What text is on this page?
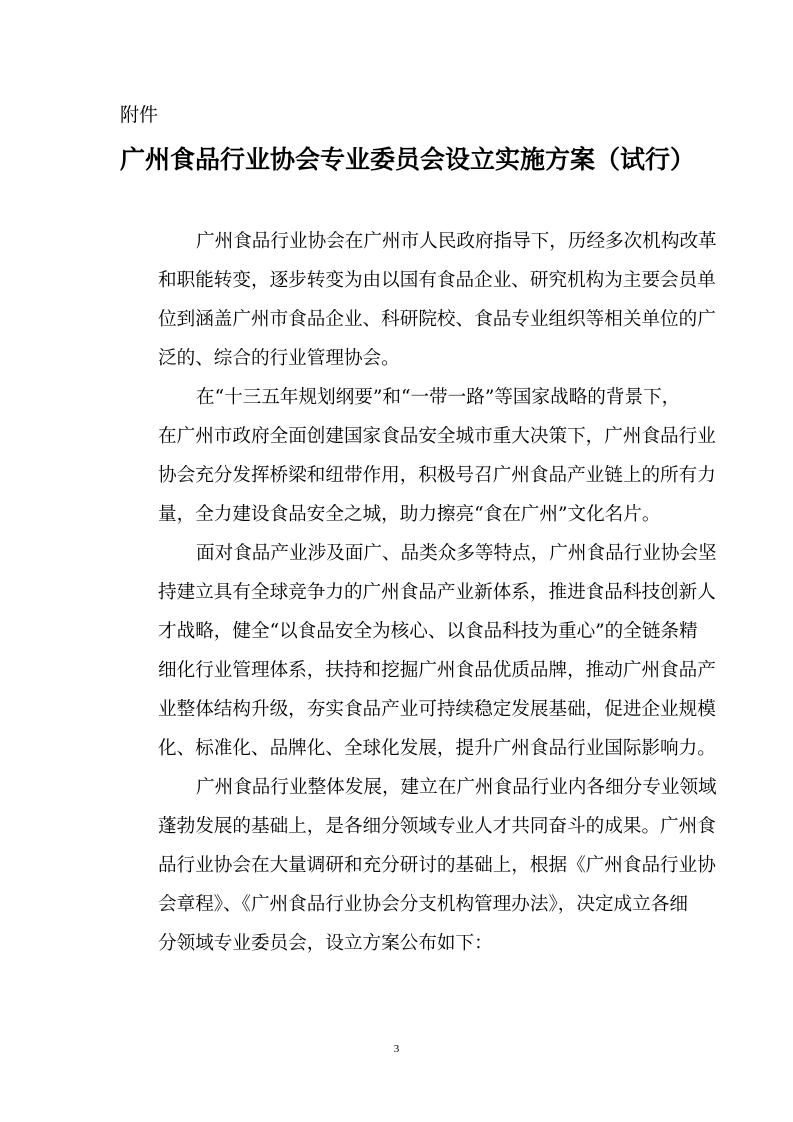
附件
广州食品行业协会专业委员会设立实施方案（试行）
广州食品行业协会在广州市人民政府指导下，历经多次机构改革
和职能转变，逐步转变为由以国有食品企业、研究机构为主要会员单
位到涵盖广州市食品企业、科研院校、食品专业组织等相关单位的广
泛的、综合的行业管理协会。
在“十三五年规划纲要”和“一带一路”等国家战略的背景下，
在广州市政府全面创建国家食品安全城市重大决策下，广州食品行业
协会充分发挥桥梁和纽带作用，积极号召广州食品产业链上的所有力
量，全力建设食品安全之城，助力擦亮“食在广州”文化名片。
面对食品产业涉及面广、品类众多等特点，广州食品行业协会坚
持建立具有全球竞争力的广州食品产业新体系，推进食品科技创新人
才战略，健全“以食品安全为核心、以食品科技为重心”的全链条精
细化行业管理体系，扶持和挖掘广州食品优质品牌，推动广州食品产
业整体结构升级，夯实食品产业可持续稳定发展基础，促进企业规模
化、标准化、品牌化、全球化发展，提升广州食品行业国际影响力。
广州食品行业整体发展，建立在广州食品行业内各细分专业领域
蓬勃发展的基础上，是各细分领域专业人才共同奋斗的成果。广州食
品行业协会在大量调研和充分研讨的基础上，根据《广州食品行业协
会章程》、《广州食品行业协会分支机构管理办法》，决定成立各细
分领域专业委员会，设立方案公布如下：
3
